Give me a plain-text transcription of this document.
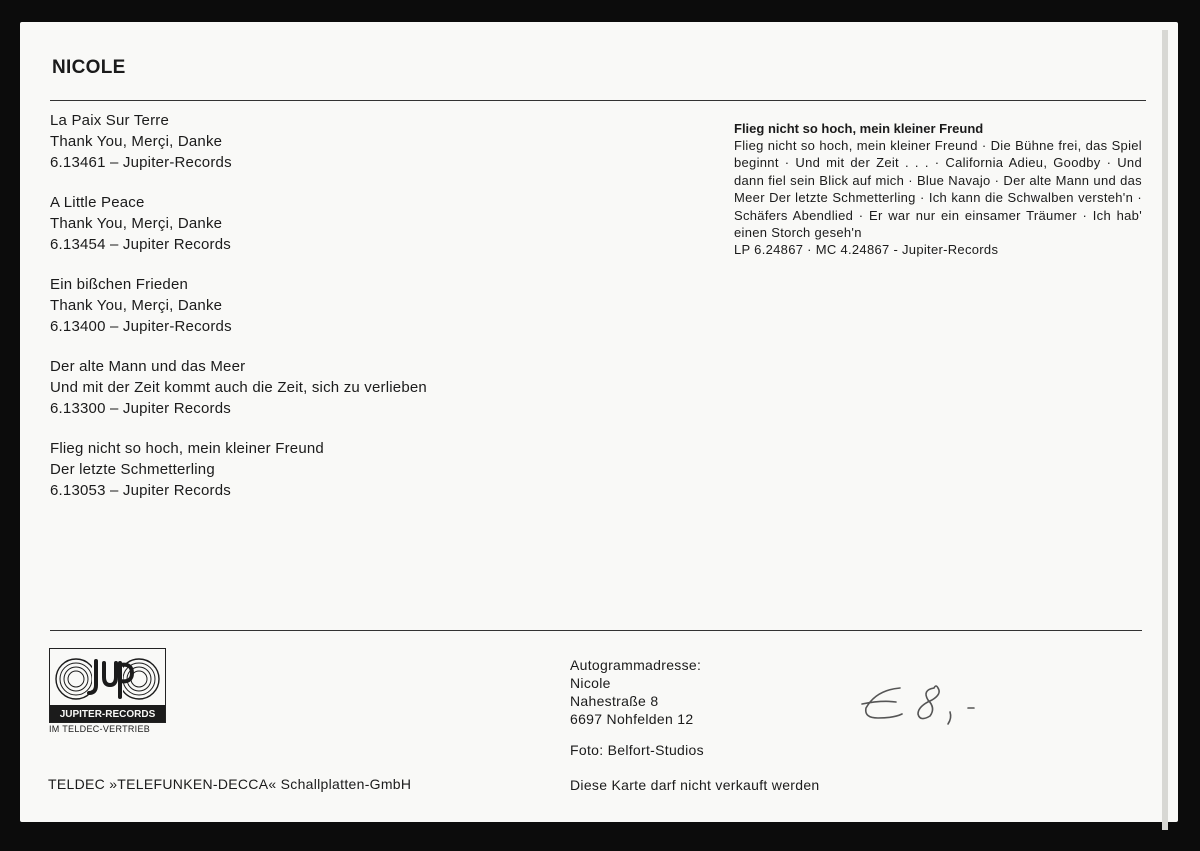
NICOLE
La Paix Sur Terre
Thank You, Merçi, Danke
6.13461 – Jupiter-Records
A Little Peace
Thank You, Merçi, Danke
6.13454 – Jupiter Records
Ein bißchen Frieden
Thank You, Merçi, Danke
6.13400 – Jupiter-Records
Der alte Mann und das Meer
Und mit der Zeit kommt auch die Zeit, sich zu verlieben
6.13300 – Jupiter Records
Flieg nicht so hoch, mein kleiner Freund
Der letzte Schmetterling
6.13053 – Jupiter Records

Flieg nicht so hoch, mein kleiner Freund

Flieg nicht so hoch, mein kleiner Freund · Die Bühne frei, das Spiel beginnt · Und mit der Zeit . . . · California Adieu, Goodby · Und dann fiel sein Blick auf mich · Blue Navajo · Der alte Mann und das Meer Der letzte Schmetterling · Ich kann die Schwalben versteh'n · Schäfers Abendlied · Er war nur ein einsamer Träumer · Ich hab' einen Storch geseh'n

LP 6.24867 · MC 4.24867 - Jupiter-Records

JUPITER-RECORDS
IM TELDEC-VERTRIEB
TELDEC »TELEFUNKEN-DECCA« Schallplatten-GmbH
Autogrammadresse:
Nicole
Nahestraße 8
6697 Nohfelden 12
Foto: Belfort-Studios
Diese Karte darf nicht verkauft werden
